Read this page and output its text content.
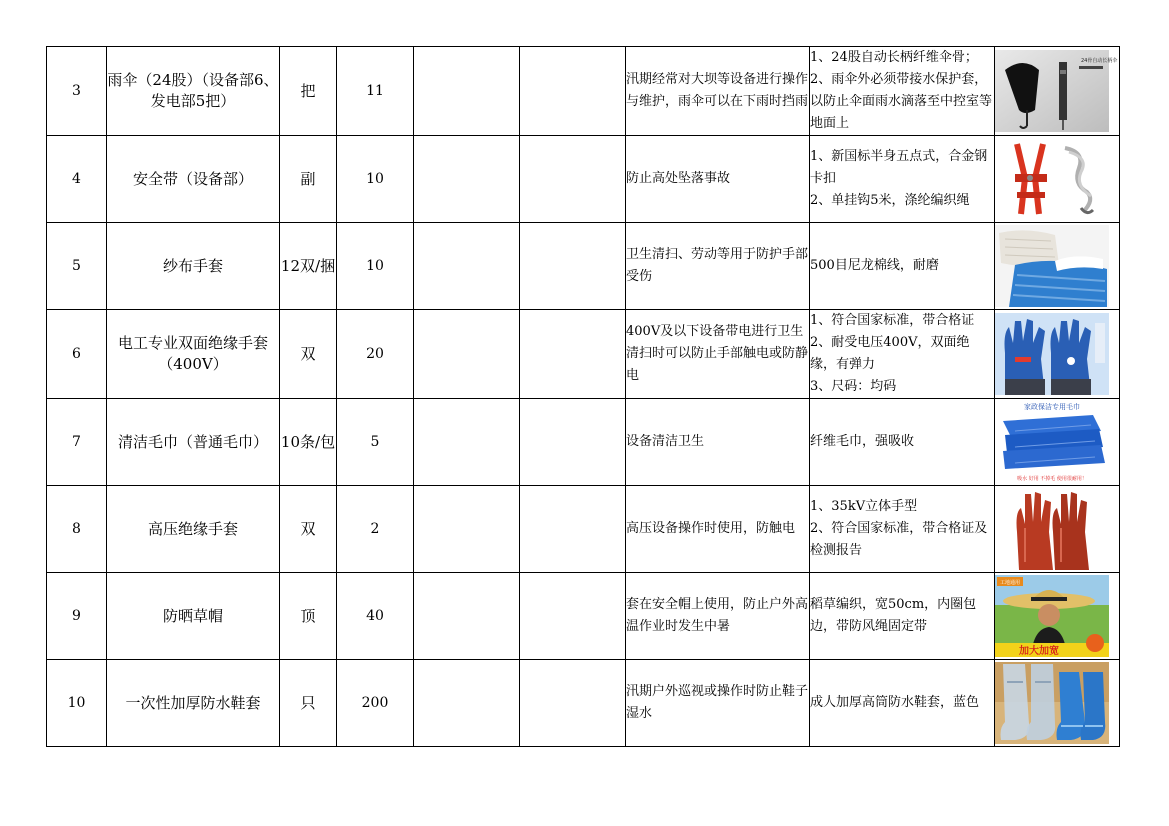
3	雨伞（24股）（设备部6、发电部5把）	把	11			汛期经常对大坝等设备进行操作与维护，雨伞可以在下雨时挡雨	1、24股自动长柄纤维伞骨；
2、雨伞外必须带接水保护套，以防止伞面雨水滴落至中控室等地面上	24骨自动长柄伞

4	安全带（设备部）	副	10			防止高处坠落事故	1、新国标半身五点式，合金钢卡扣
2、单挂钩5米，涤纶编织绳

5	纱布手套	12双/捆	10			卫生清扫、劳动等用于防护手部受伤	500目尼龙棉线，耐磨

6	电工专业双面绝缘手套（400V）	双	20			400V及以下设备带电进行卫生清扫时可以防止手部触电或防静电	1、符合国家标准，带合格证
2、耐受电压400V，双面绝缘，有弹力
3、尺码：均码

7	清洁毛巾（普通毛巾）	10条/包	5			设备清洁卫生	纤维毛巾，强吸收	家政保洁专用毛巾
吸水 好用 不掉毛 使用很耐用！

8	高压绝缘手套	双	2			高压设备操作时使用，防触电	1、35kV立体手型
2、符合国家标准，带合格证及检测报告

9	防晒草帽	顶	40			套在安全帽上使用，防止户外高温作业时发生中暑	稻草编织，宽50cm，内圈包边，带防风绳固定带	工地通用
加大加宽

10	一次性加厚防水鞋套	只	200			汛期户外巡视或操作时防止鞋子湿水	成人加厚高筒防水鞋套，蓝色
